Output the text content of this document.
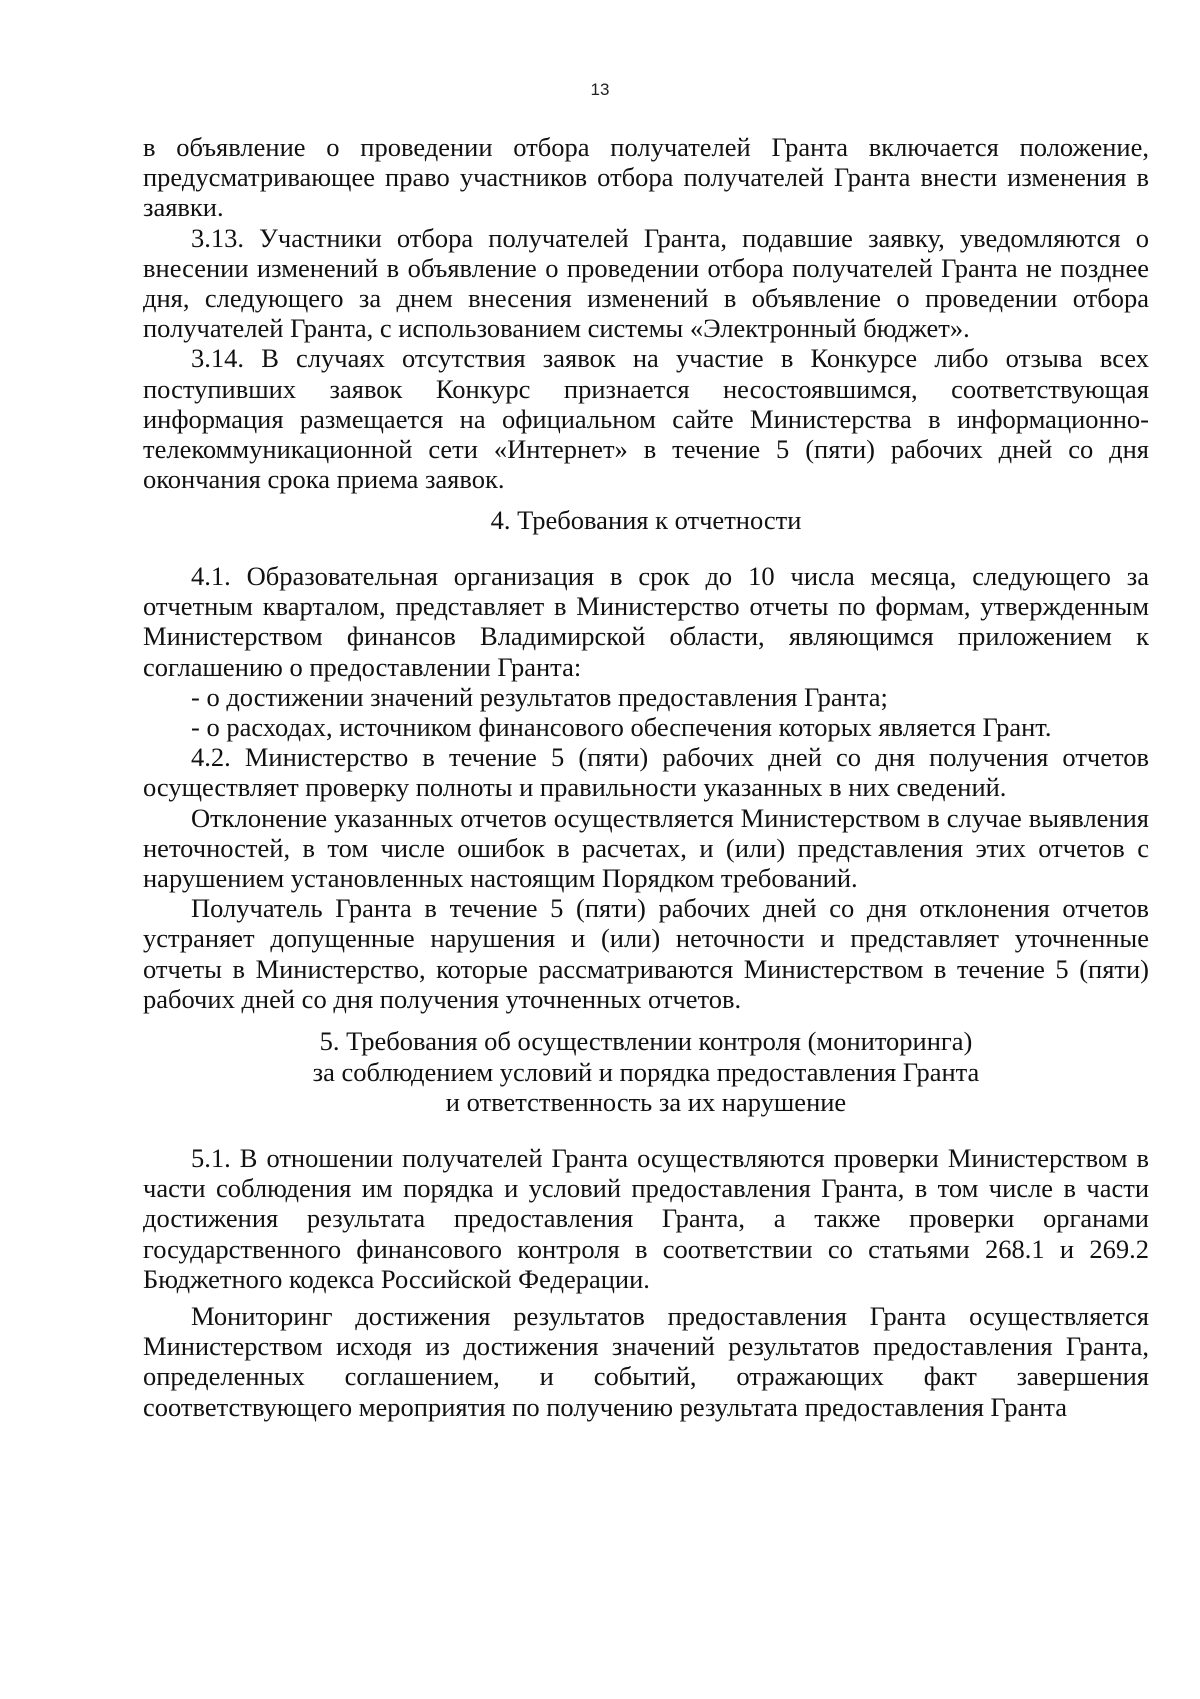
13

в объявление о проведении отбора получателей Гранта включается положение, предусматривающее право участников отбора получателей Гранта внести изменения в заявки.

3.13. Участники отбора получателей Гранта, подавшие заявку, уведомляются о внесении изменений в объявление о проведении отбора получателей Гранта не позднее дня, следующего за днем внесения изменений в объявление о проведении отбора получателей Гранта, с использованием системы «Электронный бюджет».

3.14. В случаях отсутствия заявок на участие в Конкурсе либо отзыва всех поступивших заявок Конкурс признается несостоявшимся, соответствующая информация размещается на официальном сайте Министерства в информационно-телекоммуникационной сети «Интернет» в течение 5 (пяти) рабочих дней со дня окончания срока приема заявок.

4. Требования к отчетности

4.1. Образовательная организация в срок до 10 числа месяца, следующего за отчетным кварталом, представляет в Министерство отчеты по формам, утвержденным Министерством финансов Владимирской области, являющимся приложением к соглашению о предоставлении Гранта:

- о достижении значений результатов предоставления Гранта;

- о расходах, источником финансового обеспечения которых является Грант.

4.2. Министерство в течение 5 (пяти) рабочих дней со дня получения отчетов осуществляет проверку полноты и правильности указанных в них сведений.

Отклонение указанных отчетов осуществляется Министерством в случае выявления неточностей, в том числе ошибок в расчетах, и (или) представления этих отчетов с нарушением установленных настоящим Порядком требований.

Получатель Гранта в течение 5 (пяти) рабочих дней со дня отклонения отчетов устраняет допущенные нарушения и (или) неточности и представляет уточненные отчеты в Министерство, которые рассматриваются Министерством в течение 5 (пяти) рабочих дней со дня получения уточненных отчетов.

5. Требования об осуществлении контроля (мониторинга)
за соблюдением условий и порядка предоставления Гранта
и ответственность за их нарушение

5.1. В отношении получателей Гранта осуществляются проверки Министерством в части соблюдения им порядка и условий предоставления Гранта, в том числе в части достижения результата предоставления Гранта, а также проверки органами государственного финансового контроля в соответствии со статьями 268.1 и 269.2 Бюджетного кодекса Российской Федерации.

Мониторинг достижения результатов предоставления Гранта осуществляется Министерством исходя из достижения значений результатов предоставления Гранта, определенных соглашением, и событий, отражающих факт завершения соответствующего мероприятия по получению результата предоставления Гранта
